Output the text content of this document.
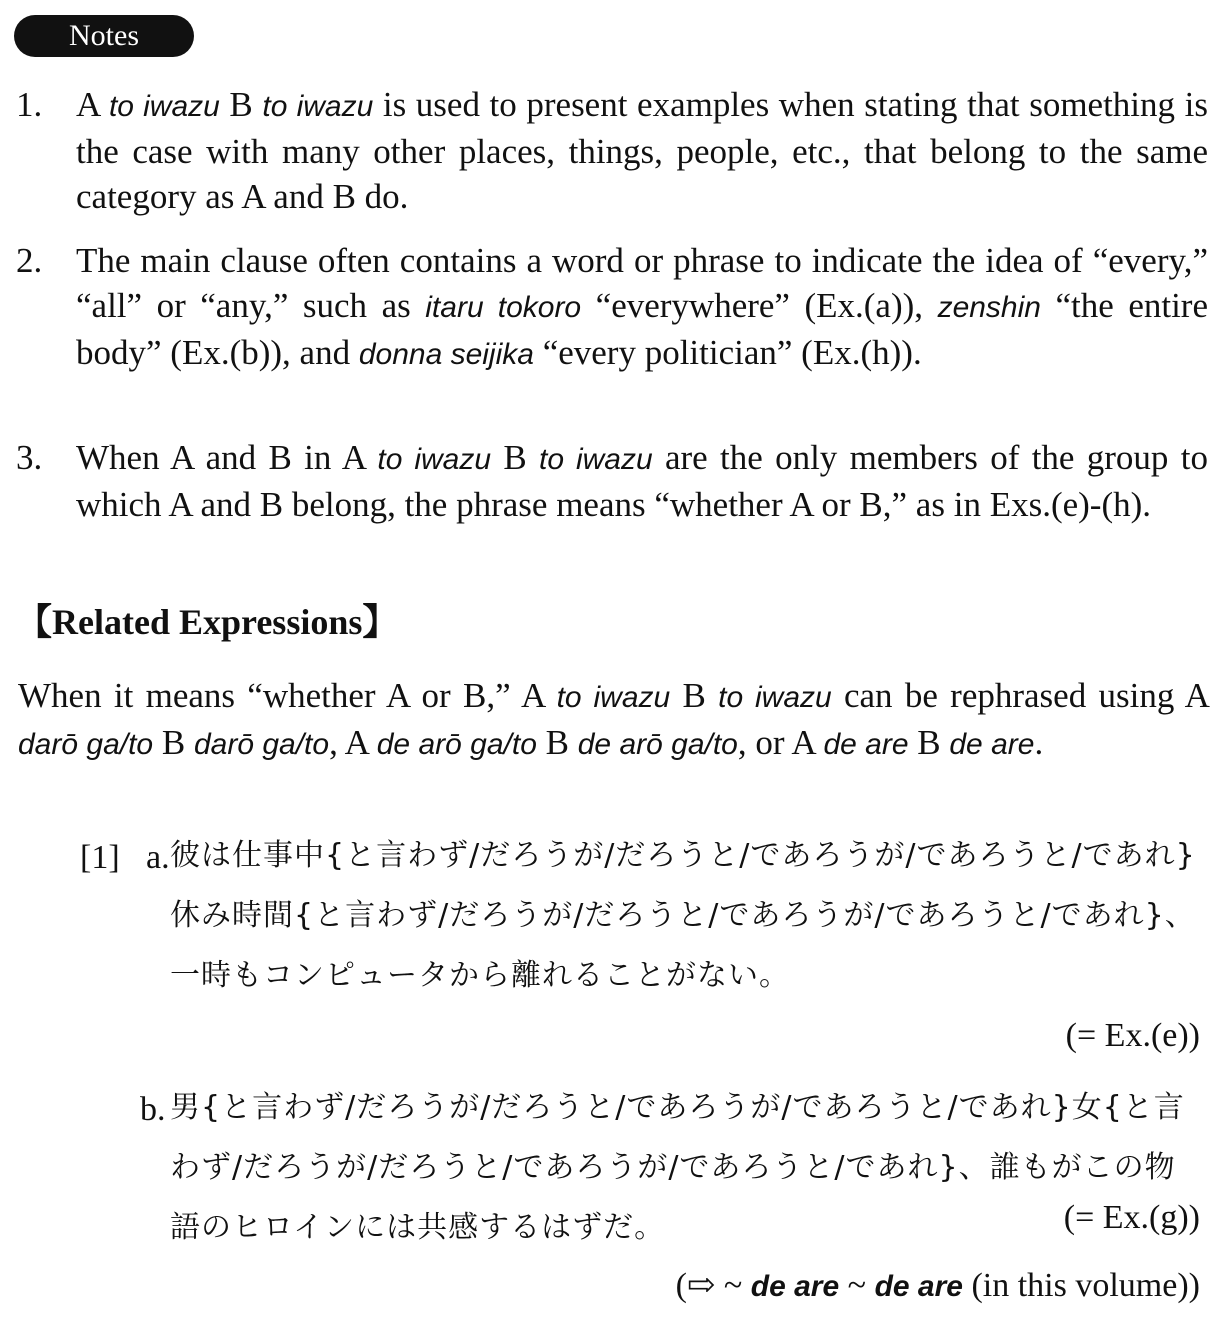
Notes
1. A to iwazu B to iwazu is used to present examples when stating that something is the case with many other places, things, people, etc., that belong to the same category as A and B do.
2. The main clause often contains a word or phrase to indicate the idea of “every,” “all” or “any,” such as itaru tokoro “everywhere” (Ex.(a)), zenshin “the entire body” (Ex.(b)), and donna seijika “every politician” (Ex.(h)).
3. When A and B in A to iwazu B to iwazu are the only members of the group to which A and B belong, the phrase means “whether A or B,” as in Exs.(e)-(h).
【Related Expressions】
When it means “whether A or B,” A to iwazu B to iwazu can be rephrased using A darō ga/to B darō ga/to, A de arō ga/to B de arō ga/to, or A de are B de are.
[1] a. 彼は仕事中{と言わず/だろうが/だろうと/であろうが/であろうと/であれ}休み時間{と言わず/だろうが/だろうと/であろうが/であろうと/であれ}、一時もコンピュータから離れることがない。
(= Ex.(e))
b. 男{と言わず/だろうが/だろうと/であろうが/であろうと/であれ}女{と言わず/だろうが/だろうと/であろうが/であろうと/であれ}、誰もがこの物語のヒロインには共感するはずだ。	(= Ex.(g))
(⇨ ~ de are ~ de are (in this volume))
